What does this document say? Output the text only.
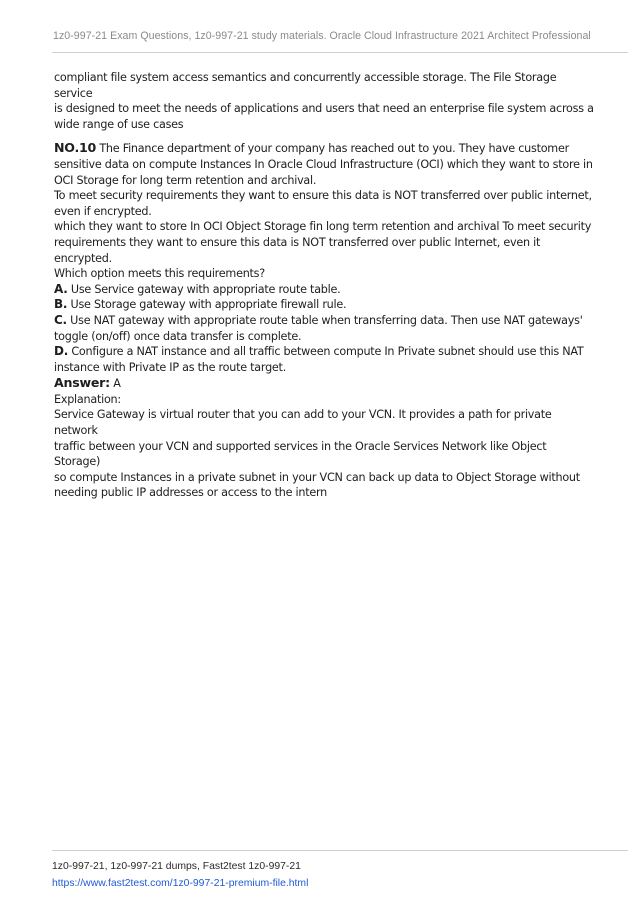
1z0-997-21 Exam Questions, 1z0-997-21 study materials. Oracle Cloud Infrastructure 2021 Architect Professional

compliant file system access semantics and concurrently accessible storage. The File Storage service
is designed to meet the needs of applications and users that need an enterprise file system across a
wide range of use cases

NO.10 The Finance department of your company has reached out to you. They have customer
sensitive data on compute Instances In Oracle Cloud Infrastructure (OCI) which they want to store in
OCI Storage for long term retention and archival.
To meet security requirements they want to ensure this data is NOT transferred over public internet,
even if encrypted.
which they want to store In OCI Object Storage fin long term retention and archival To meet security
requirements they want to ensure this data is NOT transferred over public Internet, even it
encrypted.
Which option meets this requirements?

A. Use Service gateway with appropriate route table.

B. Use Storage gateway with appropriate firewall rule.

C. Use NAT gateway with appropriate route table when transferring data. Then use NAT gateways'
toggle (on/off) once data transfer is complete.

D. Configure a NAT instance and all traffic between compute In Private subnet should use this NAT
instance with Private IP as the route target.

Answer: A

Explanation:

Service Gateway is virtual router that you can add to your VCN. It provides a path for private network
traffic between your VCN and supported services in the Oracle Services Network like Object Storage)
so compute Instances in a private subnet in your VCN can back up data to Object Storage without
needing public IP addresses or access to the intern

1z0-997-21, 1z0-997-21 dumps, Fast2test 1z0-997-21
https://www.fast2test.com/1z0-997-21-premium-file.html
